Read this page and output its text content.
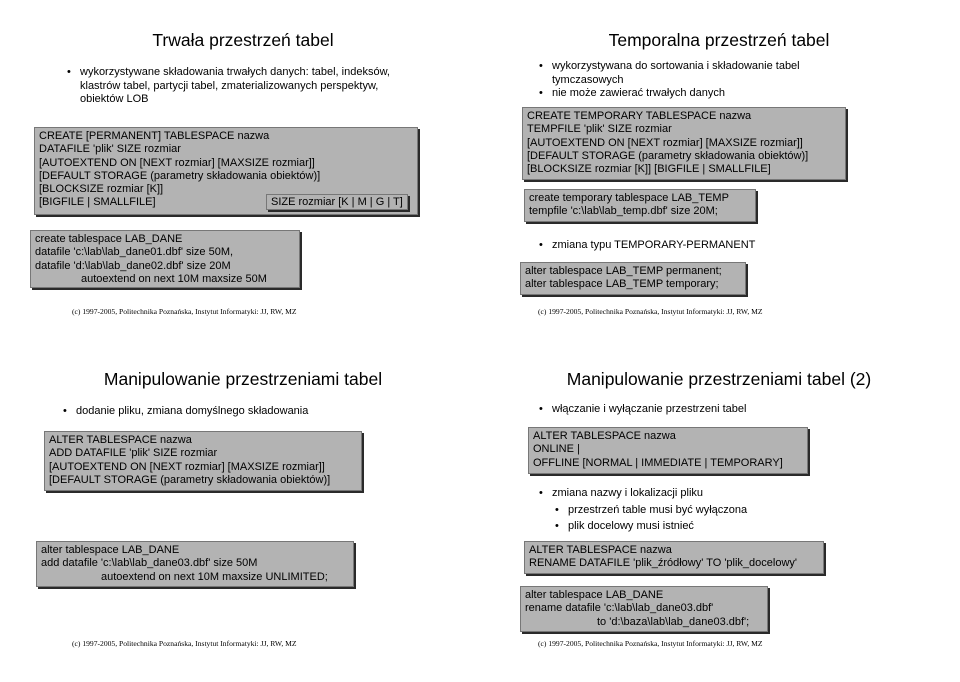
Trwała przestrzeń tabel
• wykorzystywane składowania trwałych danych: tabel, indeksów, klastrów tabel, partycji tabel, zmaterializowanych perspektyw, obiektów LOB
CREATE [PERMANENT] TABLESPACE nazwa
DATAFILE 'plik' SIZE rozmiar
[AUTOEXTEND ON [NEXT rozmiar] [MAXSIZE rozmiar]]
[DEFAULT STORAGE (parametry składowania obiektów)]
[BLOCKSIZE rozmiar [K]]
[BIGFILE | SMALLFILE]	SIZE rozmiar [K | M | G | T]
create tablespace LAB_DANE
datafile 'c:\lab\lab_dane01.dbf' size 50M,
datafile 'd:\lab\lab_dane02.dbf' size 20M
autoextend on next 10M maxsize 50M
(c) 1997-2005, Politechnika Poznańska, Instytut Informatyki: JJ, RW, MZ
Temporalna przestrzeń tabel
• wykorzystywana do sortowania i składowanie tabel tymczasowych
• nie może zawierać trwałych danych
CREATE TEMPORARY TABLESPACE nazwa
TEMPFILE 'plik' SIZE rozmiar
[AUTOEXTEND ON [NEXT rozmiar] [MAXSIZE rozmiar]]
[DEFAULT STORAGE (parametry składowania obiektów)]
[BLOCKSIZE rozmiar [K]] [BIGFILE | SMALLFILE]
create temporary tablespace LAB_TEMP
tempfile 'c:\lab\lab_temp.dbf' size 20M;
• zmiana typu TEMPORARY-PERMANENT
alter tablespace LAB_TEMP permanent;
alter tablespace LAB_TEMP temporary;
(c) 1997-2005, Politechnika Poznańska, Instytut Informatyki: JJ, RW, MZ
Manipulowanie przestrzeniami tabel
• dodanie pliku, zmiana domyślnego składowania
ALTER TABLESPACE nazwa
ADD DATAFILE 'plik' SIZE rozmiar
[AUTOEXTEND ON [NEXT rozmiar] [MAXSIZE rozmiar]]
[DEFAULT STORAGE (parametry składowania obiektów)]
alter tablespace LAB_DANE
add datafile 'c:\lab\lab_dane03.dbf' size 50M
autoextend on next 10M maxsize UNLIMITED;
(c) 1997-2005, Politechnika Poznańska, Instytut Informatyki: JJ, RW, MZ
Manipulowanie przestrzeniami tabel (2)
• włączanie i wyłączanie przestrzeni tabel
ALTER TABLESPACE nazwa
ONLINE |
OFFLINE [NORMAL | IMMEDIATE | TEMPORARY]
• zmiana nazwy i lokalizacji pliku
• przestrzeń table musi być wyłączona
• plik docelowy musi istnieć
ALTER TABLESPACE nazwa
RENAME DATAFILE 'plik_źródłowy' TO 'plik_docelowy'
alter tablespace LAB_DANE
rename datafile 'c:\lab\lab_dane03.dbf'
to 'd:\baza\lab\lab_dane03.dbf';
(c) 1997-2005, Politechnika Poznańska, Instytut Informatyki: JJ, RW, MZ
